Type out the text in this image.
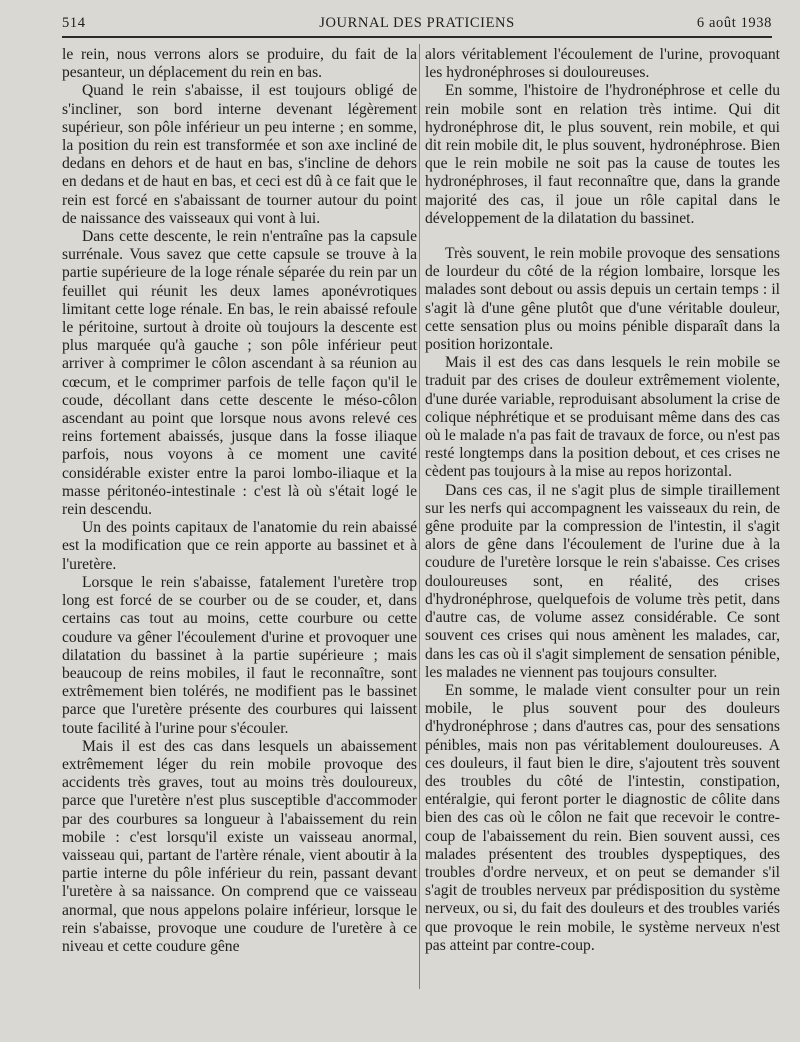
514	JOURNAL DES PRATICIENS	6 août 1938

le rein, nous verrons alors se produire, du fait de la pesanteur, un déplacement du rein en bas.

Quand le rein s'abaisse, il est toujours obligé de s'incliner, son bord interne devenant légèrement supérieur, son pôle inférieur un peu interne ; en somme, la position du rein est transformée et son axe incliné de dedans en dehors et de haut en bas, s'incline de dehors en dedans et de haut en bas, et ceci est dû à ce fait que le rein est forcé en s'abaissant de tourner autour du point de naissance des vaisseaux qui vont à lui.

Dans cette descente, le rein n'entraîne pas la capsule surrénale. Vous savez que cette capsule se trouve à la partie supérieure de la loge rénale séparée du rein par un feuillet qui réunit les deux lames aponévrotiques limitant cette loge rénale. En bas, le rein abaissé refoule le péritoine, surtout à droite où toujours la descente est plus marquée qu'à gauche ; son pôle inférieur peut arriver à comprimer le côlon ascendant à sa réunion au cœcum, et le comprimer parfois de telle façon qu'il le coude, décollant dans cette descente le méso-côlon ascendant au point que lorsque nous avons relevé ces reins fortement abaissés, jusque dans la fosse iliaque parfois, nous voyons à ce moment une cavité considérable exister entre la paroi lombo-iliaque et la masse péritonéo-intestinale : c'est là où s'était logé le rein descendu.

Un des points capitaux de l'anatomie du rein abaissé est la modification que ce rein apporte au bassinet et à l'uretère.

Lorsque le rein s'abaisse, fatalement l'uretère trop long est forcé de se courber ou de se couder, et, dans certains cas tout au moins, cette courbure ou cette coudure va gêner l'écoulement d'urine et provoquer une dilatation du bassinet à la partie supérieure ; mais beaucoup de reins mobiles, il faut le reconnaître, sont extrêmement bien tolérés, ne modifient pas le bassinet parce que l'uretère présente des courbures qui laissent toute facilité à l'urine pour s'écouler.

Mais il est des cas dans lesquels un abaissement extrêmement léger du rein mobile provoque des accidents très graves, tout au moins très douloureux, parce que l'uretère n'est plus susceptible d'accommoder par des courbures sa longueur à l'abaissement du rein mobile : c'est lorsqu'il existe un vaisseau anormal, vaisseau qui, partant de l'artère rénale, vient aboutir à la partie interne du pôle inférieur du rein, passant devant l'uretère à sa naissance. On comprend que ce vaisseau anormal, que nous appelons polaire inférieur, lorsque le rein s'abaisse, provoque une coudure de l'uretère à ce niveau et cette coudure gêne

alors véritablement l'écoulement de l'urine, provoquant les hydronéphroses si douloureuses.

En somme, l'histoire de l'hydronéphrose et celle du rein mobile sont en relation très intime. Qui dit hydronéphrose dit, le plus souvent, rein mobile, et qui dit rein mobile dit, le plus souvent, hydronéphrose. Bien que le rein mobile ne soit pas la cause de toutes les hydronéphroses, il faut reconnaître que, dans la grande majorité des cas, il joue un rôle capital dans le développement de la dilatation du bassinet.

Très souvent, le rein mobile provoque des sensations de lourdeur du côté de la région lombaire, lorsque les malades sont debout ou assis depuis un certain temps : il s'agit là d'une gêne plutôt que d'une véritable douleur, cette sensation plus ou moins pénible disparaît dans la position horizontale.

Mais il est des cas dans lesquels le rein mobile se traduit par des crises de douleur extrêmement violente, d'une durée variable, reproduisant absolument la crise de colique néphrétique et se produisant même dans des cas où le malade n'a pas fait de travaux de force, ou n'est pas resté longtemps dans la position debout, et ces crises ne cèdent pas toujours à la mise au repos horizontal.

Dans ces cas, il ne s'agit plus de simple tiraillement sur les nerfs qui accompagnent les vaisseaux du rein, de gêne produite par la compression de l'intestin, il s'agit alors de gêne dans l'écoulement de l'urine due à la coudure de l'uretère lorsque le rein s'abaisse. Ces crises douloureuses sont, en réalité, des crises d'hydronéphrose, quelquefois de volume très petit, dans d'autre cas, de volume assez considérable. Ce sont souvent ces crises qui nous amènent les malades, car, dans les cas où il s'agit simplement de sensation pénible, les malades ne viennent pas toujours consulter.

En somme, le malade vient consulter pour un rein mobile, le plus souvent pour des douleurs d'hydronéphrose ; dans d'autres cas, pour des sensations pénibles, mais non pas véritablement douloureuses. A ces douleurs, il faut bien le dire, s'ajoutent très souvent des troubles du côté de l'intestin, constipation, entéralgie, qui feront porter le diagnostic de côlite dans bien des cas où le côlon ne fait que recevoir le contre-coup de l'abaissement du rein. Bien souvent aussi, ces malades présentent des troubles dyspeptiques, des troubles d'ordre nerveux, et on peut se demander s'il s'agit de troubles nerveux par prédisposition du système nerveux, ou si, du fait des douleurs et des troubles variés que provoque le rein mobile, le système nerveux n'est pas atteint par contre-coup.
